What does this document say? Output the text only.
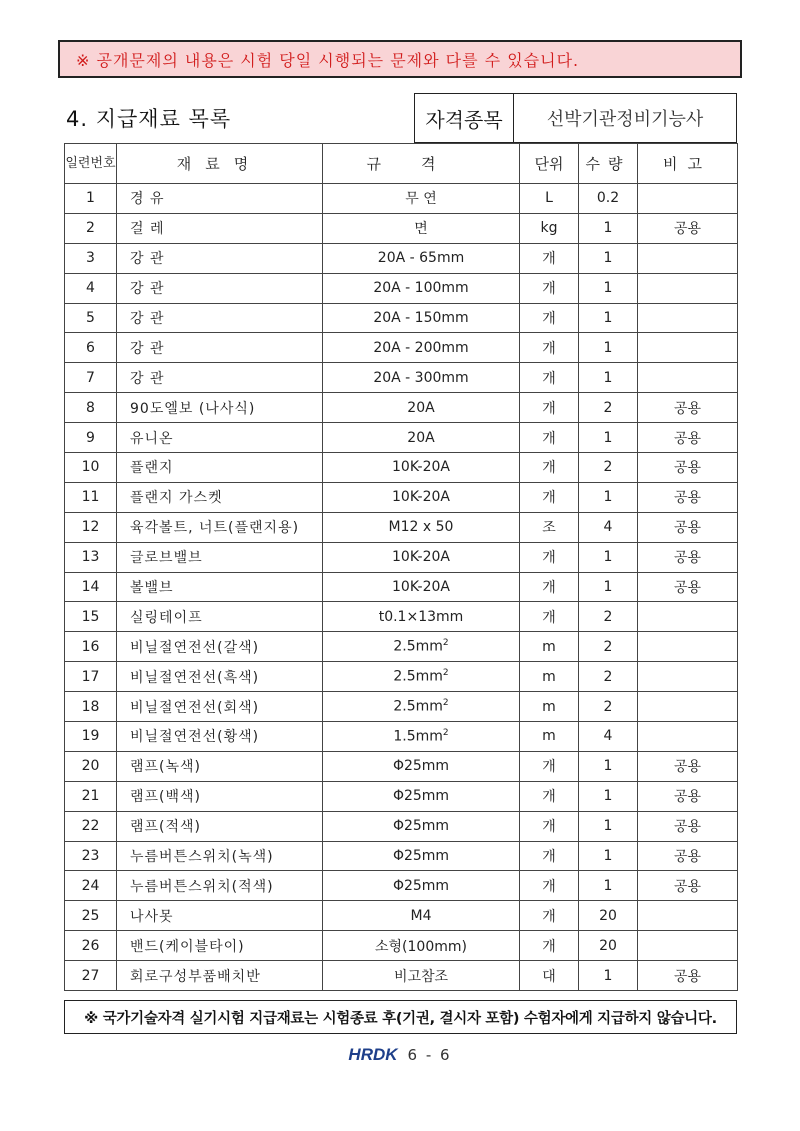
※ 공개문제의 내용은 시험 당일 시행되는 문제와 다를 수 있습니다.
4. 지급재료 목록	자격종목	선박기관정비기능사
일련번호	재료명	규격	단위	수량	비고
1	경 유	무 연	L	0.2	
2	걸 레	면	kg	1	공용
3	강 관	20A - 65mm	개	1	
4	강 관	20A - 100mm	개	1	
5	강 관	20A - 150mm	개	1	
6	강 관	20A - 200mm	개	1	
7	강 관	20A - 300mm	개	1	
8	90도엘보 (나사식)	20A	개	2	공용
9	유니온	20A	개	1	공용
10	플랜지	10K-20A	개	2	공용
11	플랜지 가스켓	10K-20A	개	1	공용
12	육각볼트, 너트(플랜지용)	M12 x 50	조	4	공용
13	글로브밸브	10K-20A	개	1	공용
14	볼밸브	10K-20A	개	1	공용
15	실링테이프	t0.1×13mm	개	2	
16	비닐절연전선(갈색)	$2.5mm^2$	m	2	
17	비닐절연전선(흑색)	$2.5mm^2$	m	2	
18	비닐절연전선(회색)	$2.5mm^2$	m	2	
19	비닐절연전선(황색)	$1.5mm^2$	m	4	
20	램프(녹색)	Φ25mm	개	1	공용
21	램프(백색)	Φ25mm	개	1	공용
22	램프(적색)	Φ25mm	개	1	공용
23	누름버튼스위치(녹색)	Φ25mm	개	1	공용
24	누름버튼스위치(적색)	Φ25mm	개	1	공용
25	나사못	M4	개	20	
26	밴드(케이블타이)	소형(100mm)	개	20	
27	회로구성부품배치반	비고참조	대	1	공용
※ 국가기술자격 실기시험 지급재료는 시험종료 후(기권, 결시자 포함) 수험자에게 지급하지 않습니다.
HRDK 6 - 6
